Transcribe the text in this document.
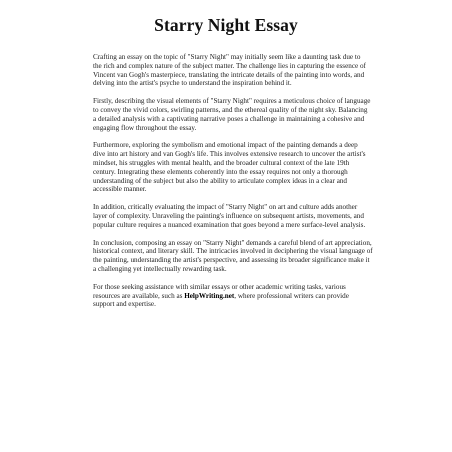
Starry Night Essay

Crafting an essay on the topic of "Starry Night" may initially seem like a daunting task due to
the rich and complex nature of the subject matter. The challenge lies in capturing the essence of
Vincent van Gogh's masterpiece, translating the intricate details of the painting into words, and
delving into the artist's psyche to understand the inspiration behind it.

Firstly, describing the visual elements of "Starry Night" requires a meticulous choice of language
to convey the vivid colors, swirling patterns, and the ethereal quality of the night sky. Balancing
a detailed analysis with a captivating narrative poses a challenge in maintaining a cohesive and
engaging flow throughout the essay.

Furthermore, exploring the symbolism and emotional impact of the painting demands a deep
dive into art history and van Gogh's life. This involves extensive research to uncover the artist's
mindset, his struggles with mental health, and the broader cultural context of the late 19th
century. Integrating these elements coherently into the essay requires not only a thorough
understanding of the subject but also the ability to articulate complex ideas in a clear and
accessible manner.

In addition, critically evaluating the impact of "Starry Night" on art and culture adds another
layer of complexity. Unraveling the painting's influence on subsequent artists, movements, and
popular culture requires a nuanced examination that goes beyond a mere surface-level analysis.

In conclusion, composing an essay on "Starry Night" demands a careful blend of art appreciation,
historical context, and literary skill. The intricacies involved in deciphering the visual language of
the painting, understanding the artist's perspective, and assessing its broader significance make it
a challenging yet intellectually rewarding task.

For those seeking assistance with similar essays or other academic writing tasks, various
resources are available, such as HelpWriting.net, where professional writers can provide
support and expertise.
